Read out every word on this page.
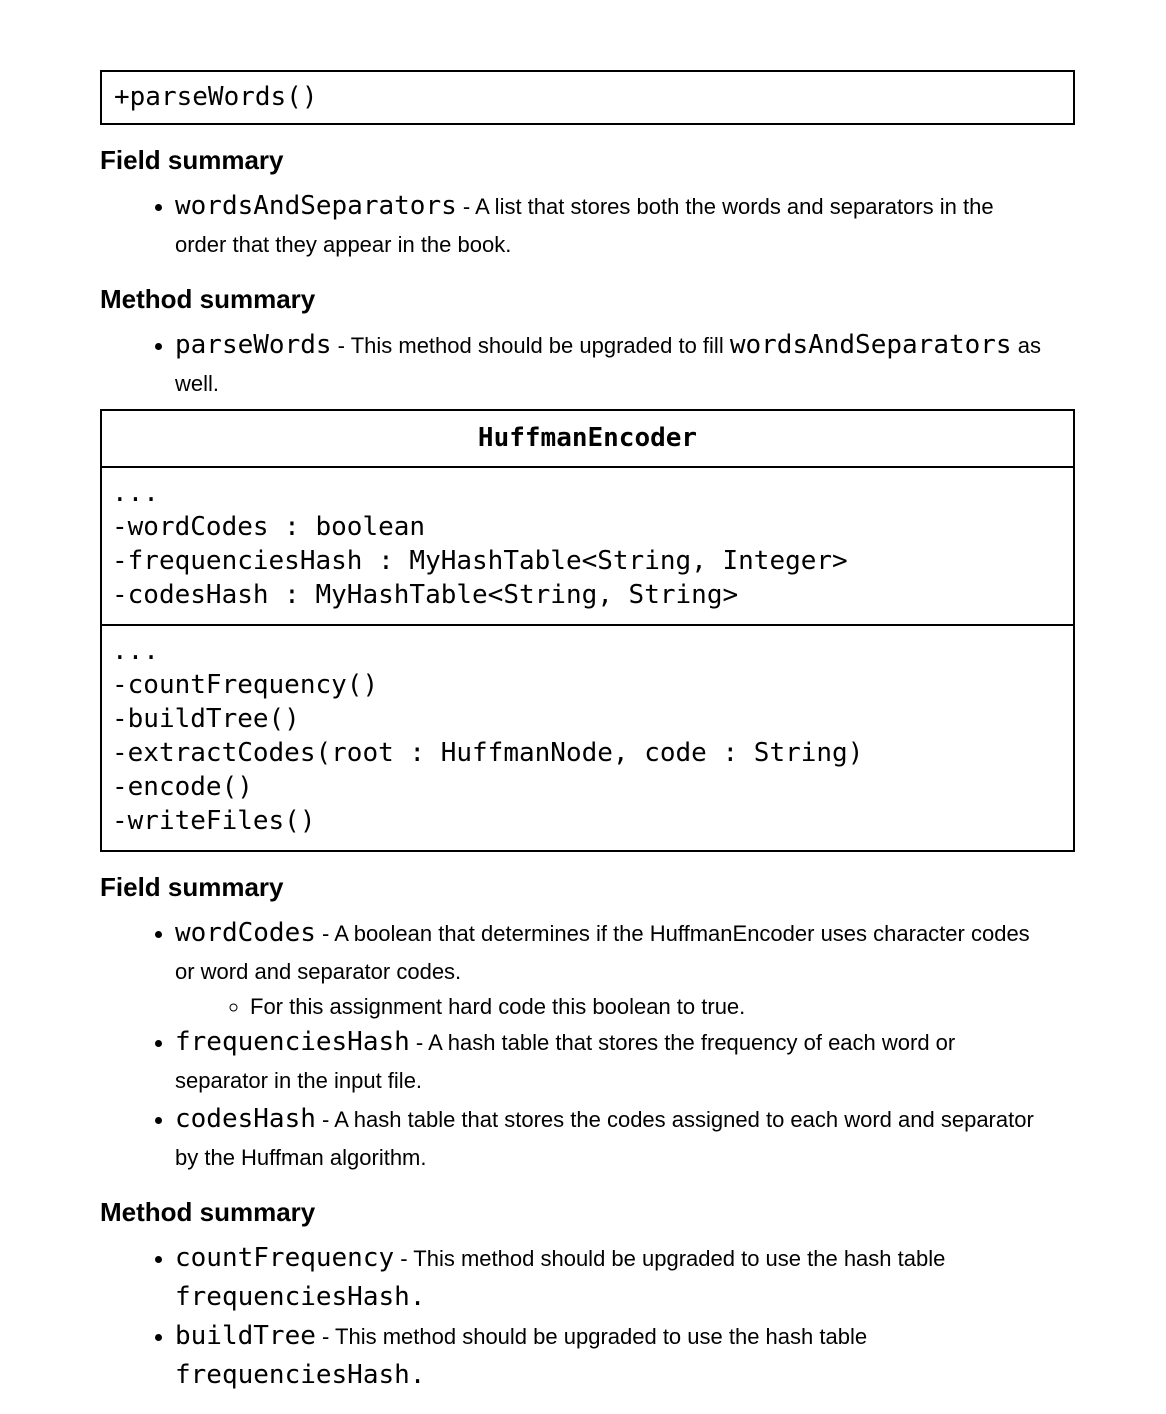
+parseWords()
Field summary
• wordsAndSeparators - A list that stores both the words and separators in the order that they appear in the book.
Method summary
• parseWords - This method should be upgraded to fill wordsAndSeparators as well.
HuffmanEncoder
...
-wordCodes : boolean
-frequenciesHash : MyHashTable<String, Integer>
-codesHash : MyHashTable<String, String>
...
-countFrequency()
-buildTree()
-extractCodes(root : HuffmanNode, code : String)
-encode()
-writeFiles()
Field summary
• wordCodes - A boolean that determines if the HuffmanEncoder uses character codes or word and separator codes.
◦ For this assignment hard code this boolean to true.
• frequenciesHash - A hash table that stores the frequency of each word or separator in the input file.
• codesHash - A hash table that stores the codes assigned to each word and separator by the Huffman algorithm.
Method summary
• countFrequency - This method should be upgraded to use the hash table
frequenciesHash.
• buildTree - This method should be upgraded to use the hash table
frequenciesHash.
